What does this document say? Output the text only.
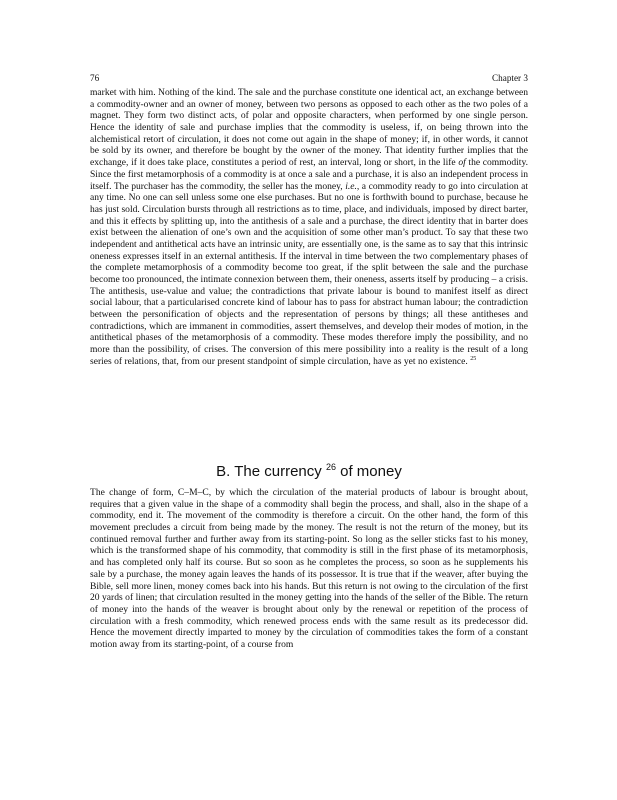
76	Chapter 3

market with him. Nothing of the kind. The sale and the purchase constitute one identical act, an exchange between a commodity-owner and an owner of money, between two persons as opposed to each other as the two poles of a magnet. They form two distinct acts, of polar and opposite characters, when performed by one single person. Hence the identity of sale and purchase implies that the commodity is useless, if, on being thrown into the alchemistical retort of circulation, it does not come out again in the shape of money; if, in other words, it cannot be sold by its owner, and therefore be bought by the owner of the money. That identity further implies that the exchange, if it does take place, constitutes a period of rest, an interval, long or short, in the life of the commodity. Since the first metamorphosis of a commodity is at once a sale and a purchase, it is also an independent process in itself. The purchaser has the commodity, the seller has the money, i.e., a commodity ready to go into circulation at any time. No one can sell unless some one else purchases. But no one is forthwith bound to purchase, because he has just sold. Circulation bursts through all restrictions as to time, place, and individuals, imposed by direct barter, and this it effects by splitting up, into the antithesis of a sale and a purchase, the direct identity that in barter does exist between the alienation of one’s own and the acquisition of some other man’s product. To say that these two independent and antithetical acts have an intrinsic unity, are essentially one, is the same as to say that this intrinsic oneness expresses itself in an external antithesis. If the interval in time between the two complementary phases of the complete metamorphosis of a commodity become too great, if the split between the sale and the purchase become too pronounced, the intimate connexion between them, their oneness, asserts itself by producing – a crisis. The antithesis, use-value and value; the contradictions that private labour is bound to manifest itself as direct social labour, that a particularised concrete kind of labour has to pass for abstract human labour; the contradiction between the personification of objects and the representation of persons by things; all these antitheses and contradictions, which are immanent in commodities, assert themselves, and develop their modes of motion, in the antithetical phases of the metamorphosis of a commodity. These modes therefore imply the possibility, and no more than the possibility, of crises. The conversion of this mere possibility into a reality is the result of a long series of relations, that, from our present standpoint of simple circulation, have as yet no existence. $^{25}$

B. The currency $^{26}$ of money

The change of form, C–M–C, by which the circulation of the material products of labour is brought about, requires that a given value in the shape of a commodity shall begin the process, and shall, also in the shape of a commodity, end it. The movement of the commodity is therefore a circuit. On the other hand, the form of this movement precludes a circuit from being made by the money. The result is not the return of the money, but its continued removal further and further away from its starting-point. So long as the seller sticks fast to his money, which is the transformed shape of his commodity, that commodity is still in the first phase of its metamorphosis, and has completed only half its course. But so soon as he completes the process, so soon as he supplements his sale by a purchase, the money again leaves the hands of its possessor. It is true that if the weaver, after buying the Bible, sell more linen, money comes back into his hands. But this return is not owing to the circulation of the first 20 yards of linen; that circulation resulted in the money getting into the hands of the seller of the Bible. The return of money into the hands of the weaver is brought about only by the renewal or repetition of the process of circulation with a fresh commodity, which renewed process ends with the same result as its predecessor did. Hence the movement directly imparted to money by the circulation of commodities takes the form of a constant motion away from its starting-point, of a course from
